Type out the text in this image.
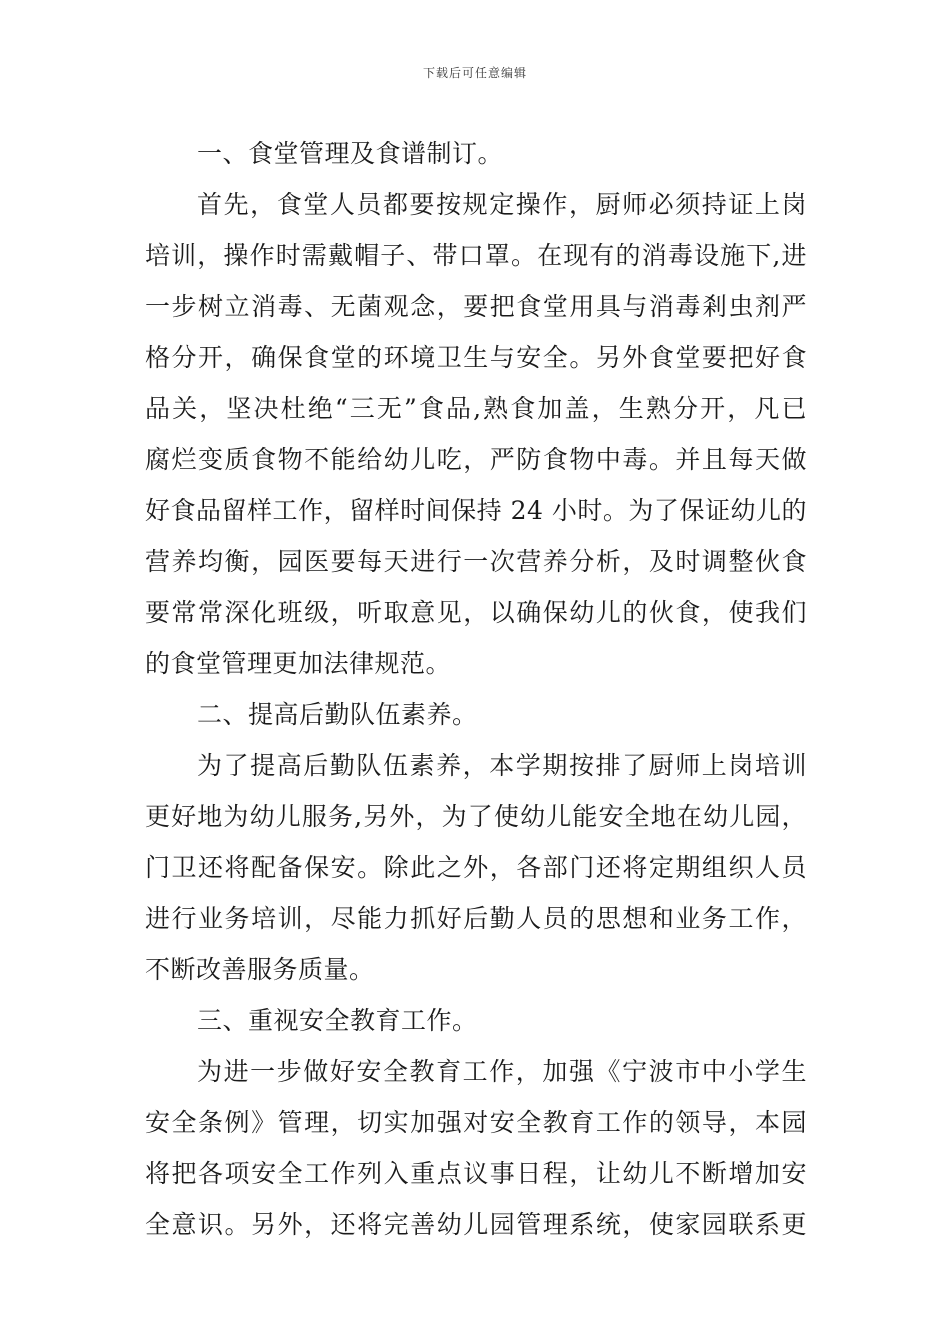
下载后可任意编辑
一、食堂管理及食谱制订。
首先，食堂人员都要按规定操作，厨师必须持证上岗
培训，操作时需戴帽子、带口罩。在现有的消毒设施下,进
一步树立消毒、无菌观念，要把食堂用具与消毒剎虫剂严
格分开，确保食堂的环境卫生与安全。另外食堂要把好食
品关，坚决杜绝“三无”食品,熟食加盖，生熟分开，凡已
腐烂变质食物不能给幼儿吃，严防食物中毒。并且每天做
好食品留样工作，留样时间保持 24 小时。为了保证幼儿的
营养均衡，园医要每天进行一次营养分析，及时调整伙食
要常常深化班级，听取意见，以确保幼儿的伙食，使我们
的食堂管理更加法律规范。
二、提高后勤队伍素养。
为了提高后勤队伍素养，本学期按排了厨师上岗培训
更好地为幼儿服务,另外，为了使幼儿能安全地在幼儿园，
门卫还将配备保安。除此之外，各部门还将定期组织人员
进行业务培训，尽能力抓好后勤人员的思想和业务工作，
不断改善服务质量。
三、重视安全教育工作。
为进一步做好安全教育工作，加强《宁波市中小学生
安全条例》管理，切实加强对安全教育工作的领导，本园
将把各项安全工作列入重点议事日程，让幼儿不断增加安
全意识。另外，还将完善幼儿园管理系统，使家园联系更
